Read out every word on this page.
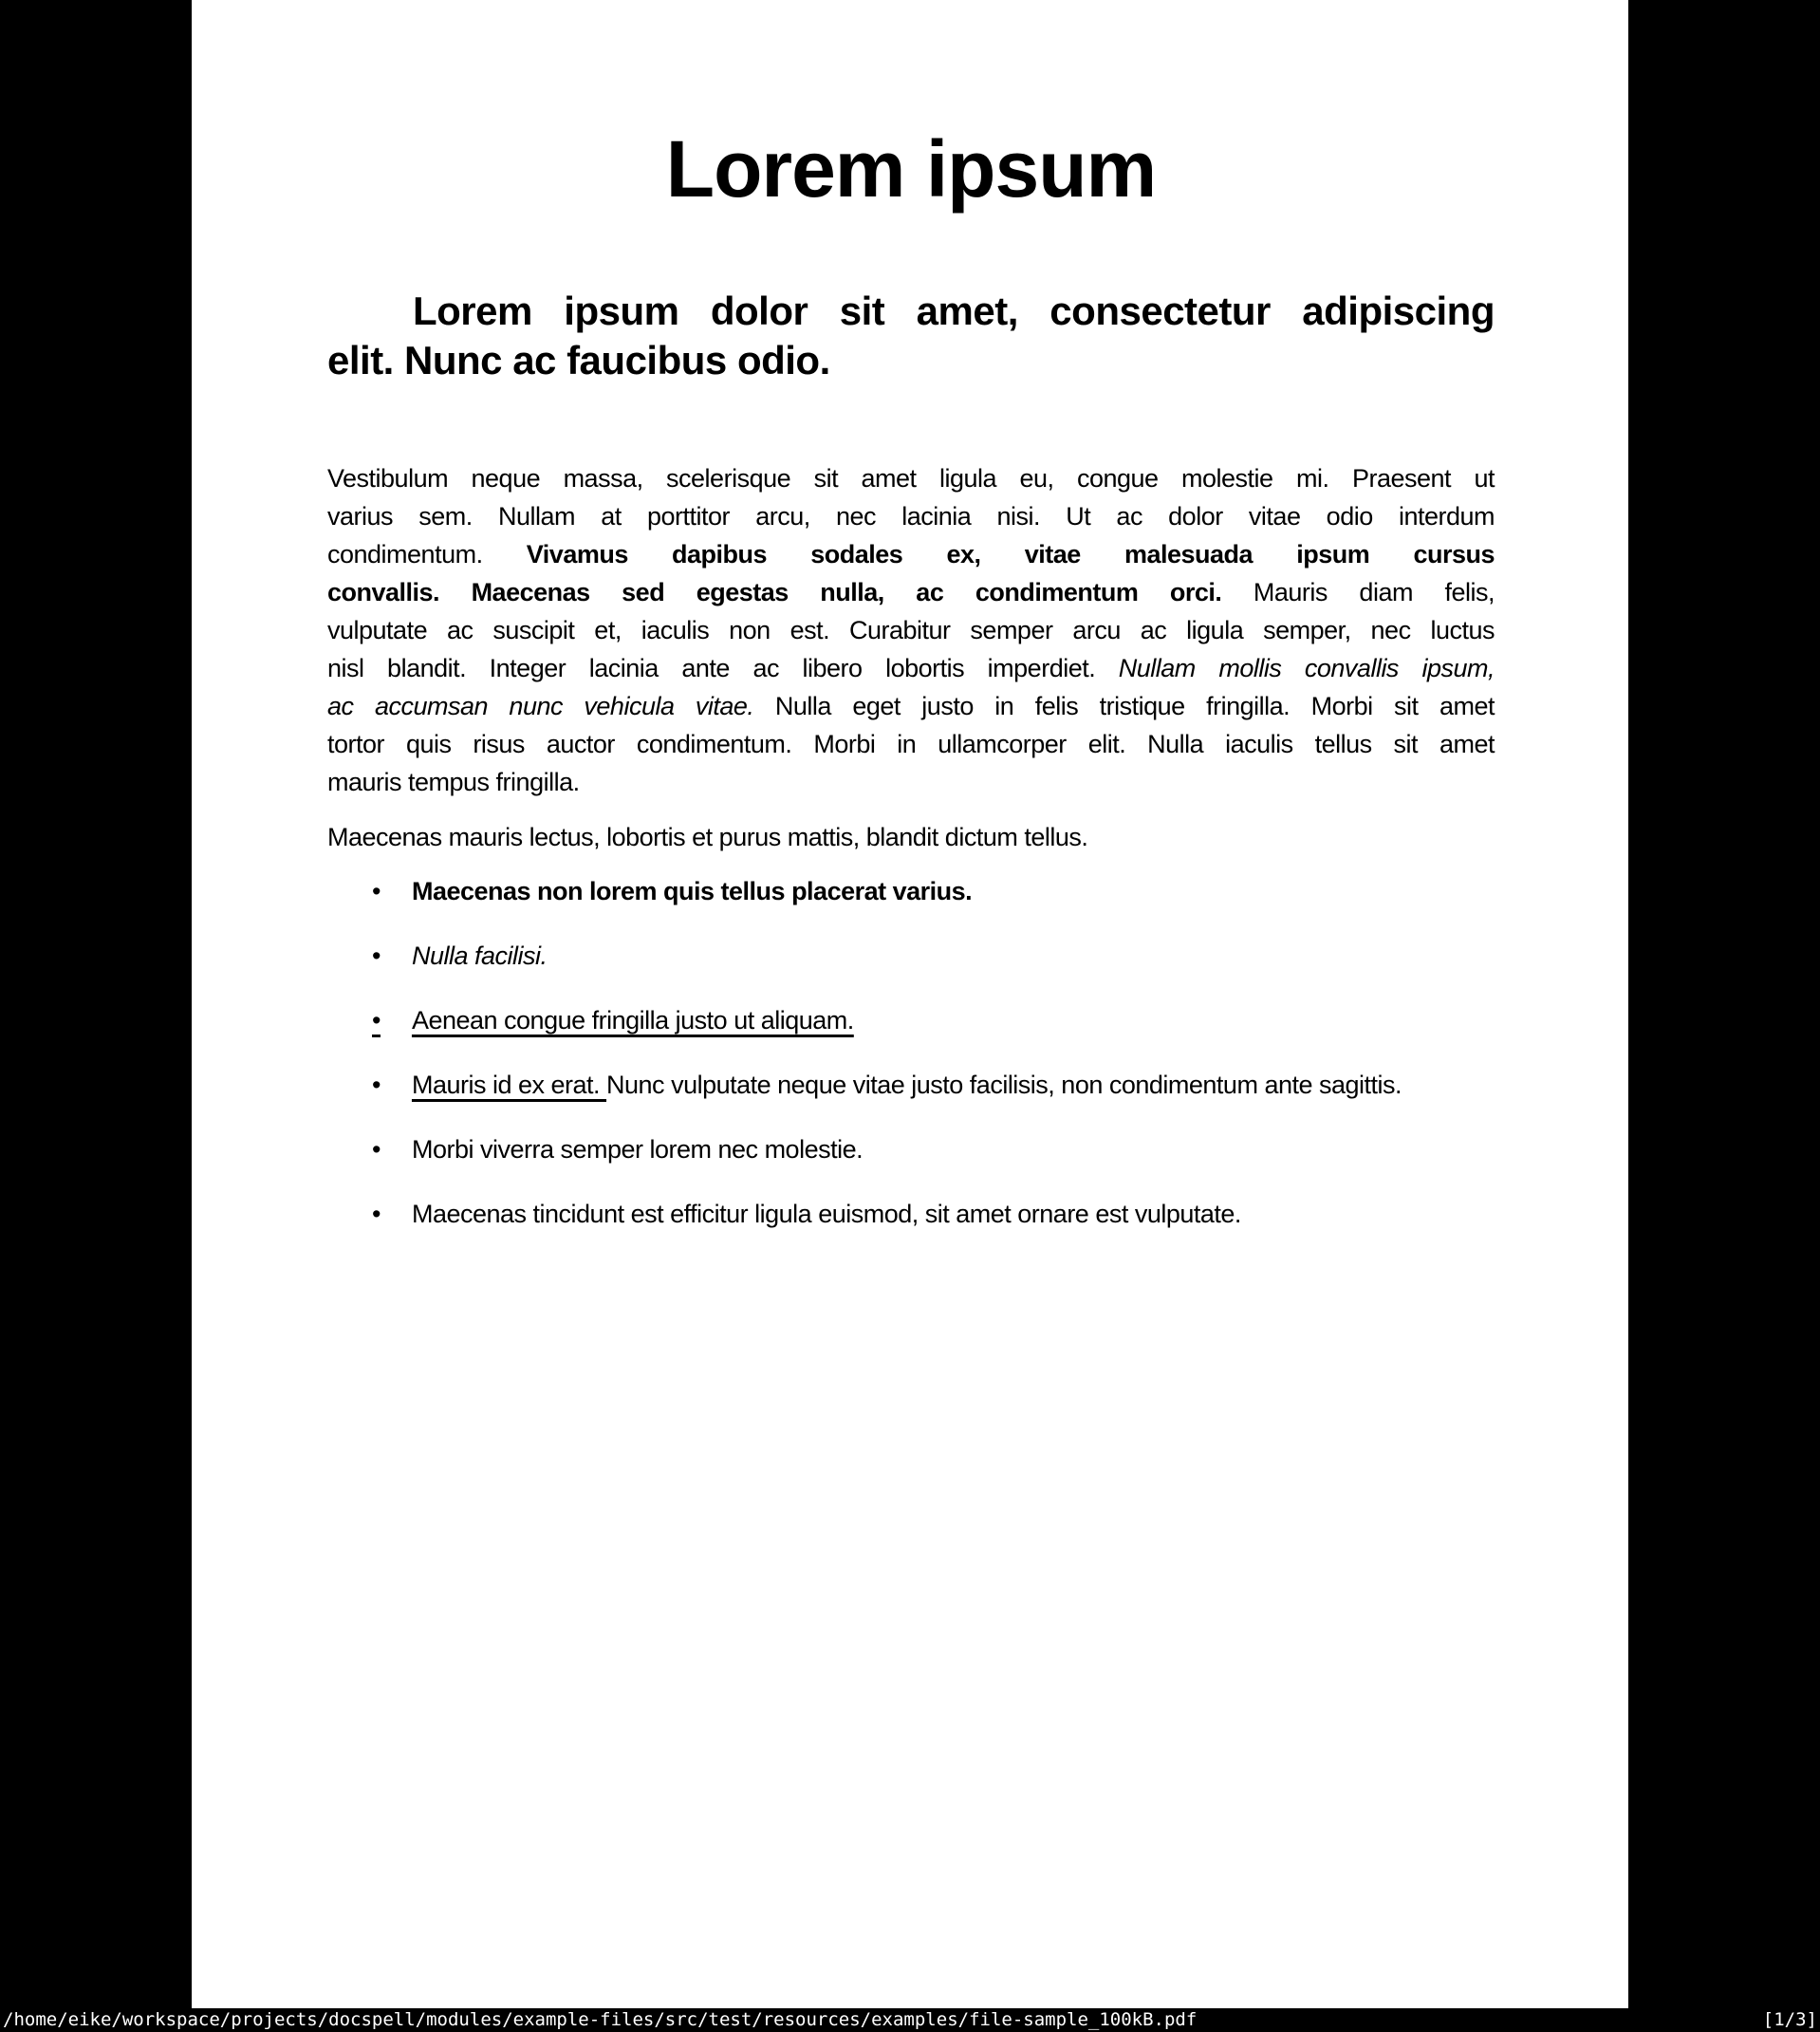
Lorem ipsum
Lorem ipsum dolor sit amet, consectetur adipiscing
elit. Nunc ac faucibus odio.
Vestibulum neque massa, scelerisque sit amet ligula eu, congue molestie mi. Praesent ut
varius sem. Nullam at porttitor arcu, nec lacinia nisi. Ut ac dolor vitae odio interdum
condimentum. Vivamus dapibus sodales ex, vitae malesuada ipsum cursus
convallis. Maecenas sed egestas nulla, ac condimentum orci. Mauris diam felis,
vulputate ac suscipit et, iaculis non est. Curabitur semper arcu ac ligula semper, nec luctus
nisl blandit. Integer lacinia ante ac libero lobortis imperdiet. Nullam mollis convallis ipsum,
ac accumsan nunc vehicula vitae. Nulla eget justo in felis tristique fringilla. Morbi sit amet
tortor quis risus auctor condimentum. Morbi in ullamcorper elit. Nulla iaculis tellus sit amet
mauris tempus fringilla.
Maecenas mauris lectus, lobortis et purus mattis, blandit dictum tellus.
• Maecenas non lorem quis tellus placerat varius.
• Nulla facilisi.
• Aenean congue fringilla justo ut aliquam.
• Mauris id ex erat. Nunc vulputate neque vitae justo facilisis, non condimentum ante sagittis.
• Morbi viverra semper lorem nec molestie.
• Maecenas tincidunt est efficitur ligula euismod, sit amet ornare est vulputate.
/home/eike/workspace/projects/docspell/modules/example-files/src/test/resources/examples/file-sample_100kB.pdf	[1/3]
